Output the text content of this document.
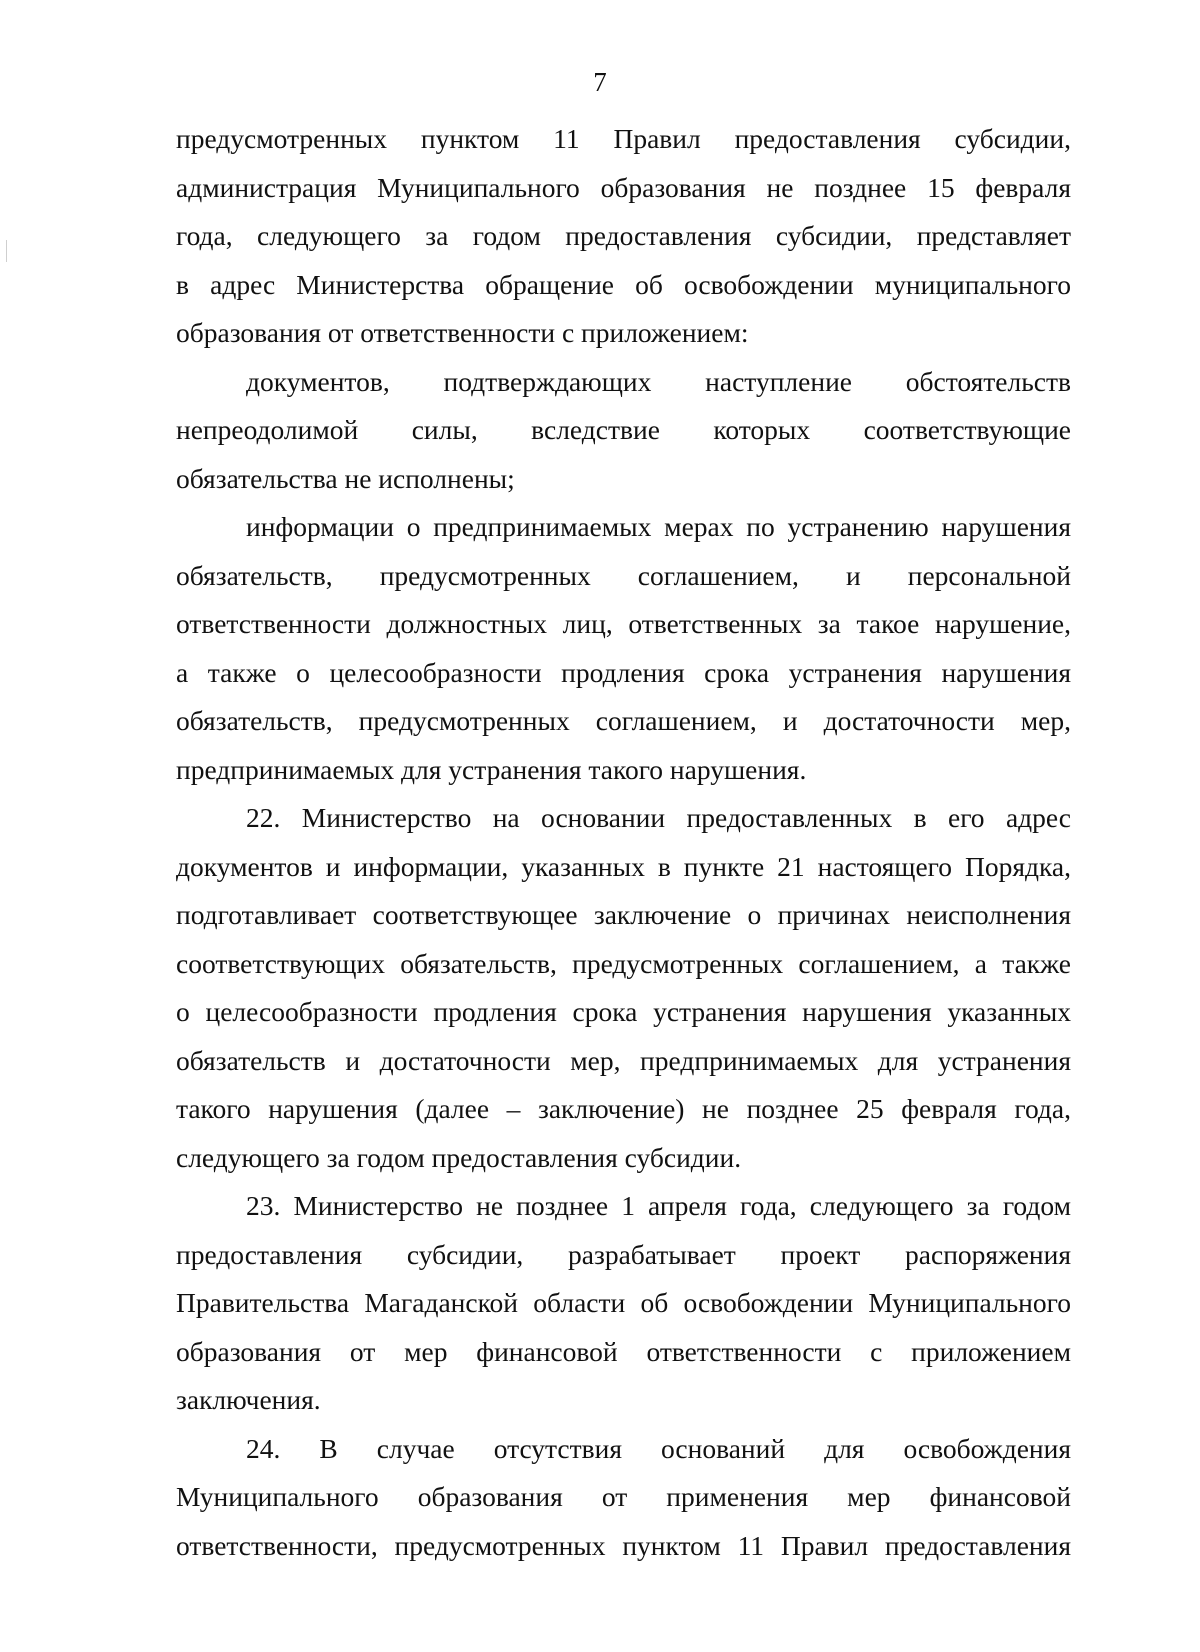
7
предусмотренных пунктом 11 Правил предоставления субсидии,
администрация Муниципального образования не позднее 15 февраля
года, следующего за годом предоставления субсидии, представляет
в адрес Министерства обращение об освобождении муниципального
образования от ответственности с приложением:
документов, подтверждающих наступление обстоятельств
непреодолимой силы, вследствие которых соответствующие
обязательства не исполнены;
информации о предпринимаемых мерах по устранению нарушения
обязательств, предусмотренных соглашением, и персональной
ответственности должностных лиц, ответственных за такое нарушение,
а также о целесообразности продления срока устранения нарушения
обязательств, предусмотренных соглашением, и достаточности мер,
предпринимаемых для устранения такого нарушения.
22. Министерство на основании предоставленных в его адрес
документов и информации, указанных в пункте 21 настоящего Порядка,
подготавливает соответствующее заключение о причинах неисполнения
соответствующих обязательств, предусмотренных соглашением, а также
о целесообразности продления срока устранения нарушения указанных
обязательств и достаточности мер, предпринимаемых для устранения
такого нарушения (далее – заключение) не позднее 25 февраля года,
следующего за годом предоставления субсидии.
23. Министерство не позднее 1 апреля года, следующего за годом
предоставления субсидии, разрабатывает проект распоряжения
Правительства Магаданской области об освобождении Муниципального
образования от мер финансовой ответственности с приложением
заключения.
24. В случае отсутствия оснований для освобождения
Муниципального образования от применения мер финансовой
ответственности, предусмотренных пунктом 11 Правил предоставления
